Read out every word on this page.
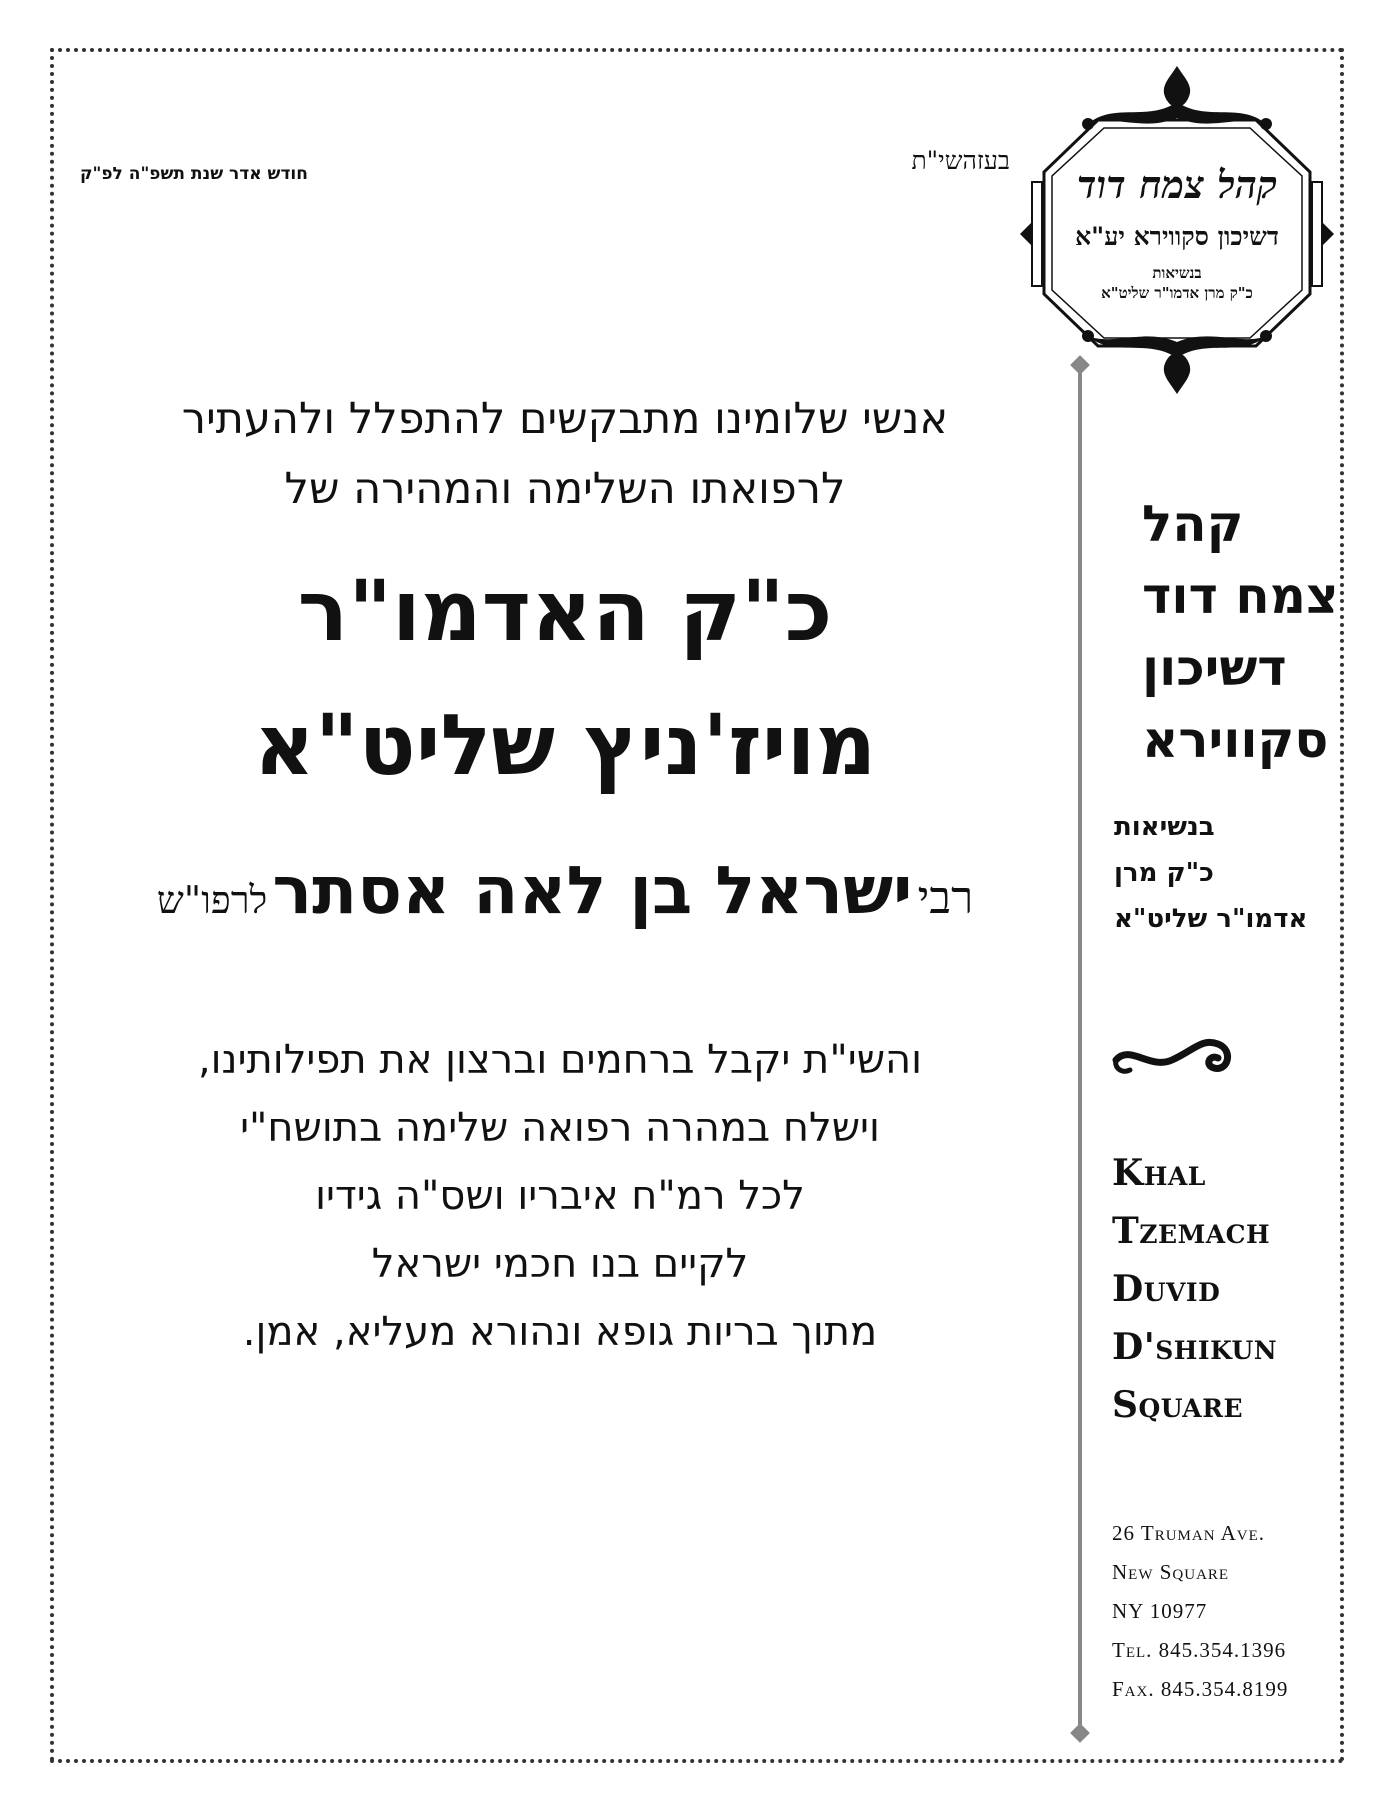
חודש אדר שנת תשפ"ה לפ"ק	בעזהשי"ת
קהל צמח דוד
דשיכון סקווירא יע"א
בנשיאות
כ"ק מרן אדמו"ר שליט"א
קהל
צמח דוד
דשיכון
סקווירא
בנשיאות
כ"ק מרן
אדמו"ר שליט"א
Khal
Tzemach
Duvid
D'shikun
Square
26 Truman Ave.
New Square
NY 10977
Tel. 845.354.1396
Fax. 845.354.8199
אנשי שלומינו מתבקשים להתפלל ולהעתיר
לרפואתו השלימה והמהירה של
כ"ק האדמו"ר
מויז'ניץ שליט"א
רבי ישראל בן לאה אסתר לרפו"ש
והשי"ת יקבל ברחמים וברצון את תפילותינו,
וישלח במהרה רפואה שלימה בתושח"י
לכל רמ"ח איבריו ושס"ה גידיו
לקיים בנו חכמי ישראל
מתוך בריות גופא ונהורא מעליא, אמן.
